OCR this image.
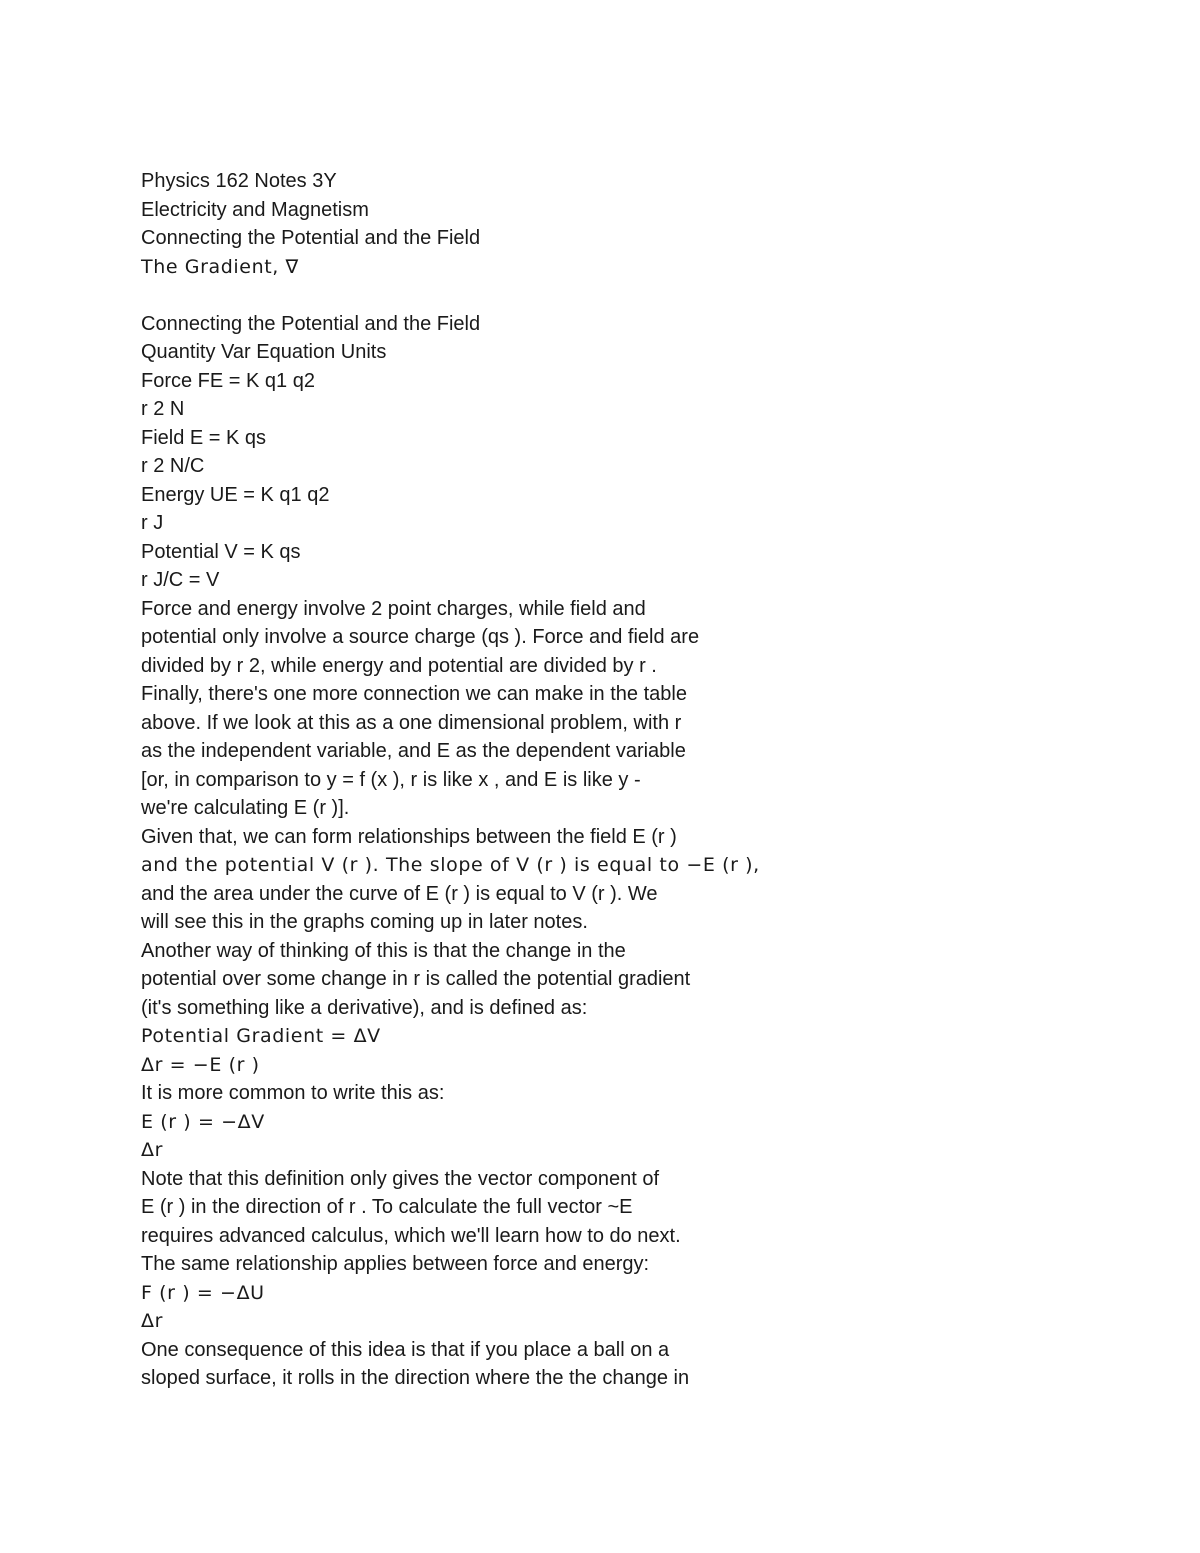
Physics 162 Notes 3Y
Electricity and Magnetism
Connecting the Potential and the Field
The Gradient, ∇
Connecting the Potential and the Field
Quantity Var Equation Units
Force FE = K q1 q2
r 2 N
Field E = K qs
r 2 N/C
Energy UE = K q1 q2
r J
Potential V = K qs
r J/C = V
Force and energy involve 2 point charges, while field and
potential only involve a source charge (qs ). Force and field are
divided by r 2, while energy and potential are divided by r .
Finally, there's one more connection we can make in the table
above. If we look at this as a one dimensional problem, with r
as the independent variable, and E as the dependent variable
[or, in comparison to y = f (x ), r is like x , and E is like y -
we're calculating E (r )].
Given that, we can form relationships between the field E (r )
and the potential V (r ). The slope of V (r ) is equal to −E (r ),
and the area under the curve of E (r ) is equal to V (r ). We
will see this in the graphs coming up in later notes.
Another way of thinking of this is that the change in the
potential over some change in r is called the potential gradient
(it's something like a derivative), and is defined as:
Potential Gradient = ΔV
Δr = −E (r )
It is more common to write this as:
E (r ) = −ΔV
Δr
Note that this definition only gives the vector component of
E (r ) in the direction of r . To calculate the full vector ~E
requires advanced calculus, which we'll learn how to do next.
The same relationship applies between force and energy:
F (r ) = −ΔU
Δr
One consequence of this idea is that if you place a ball on a
sloped surface, it rolls in the direction where the the change in
